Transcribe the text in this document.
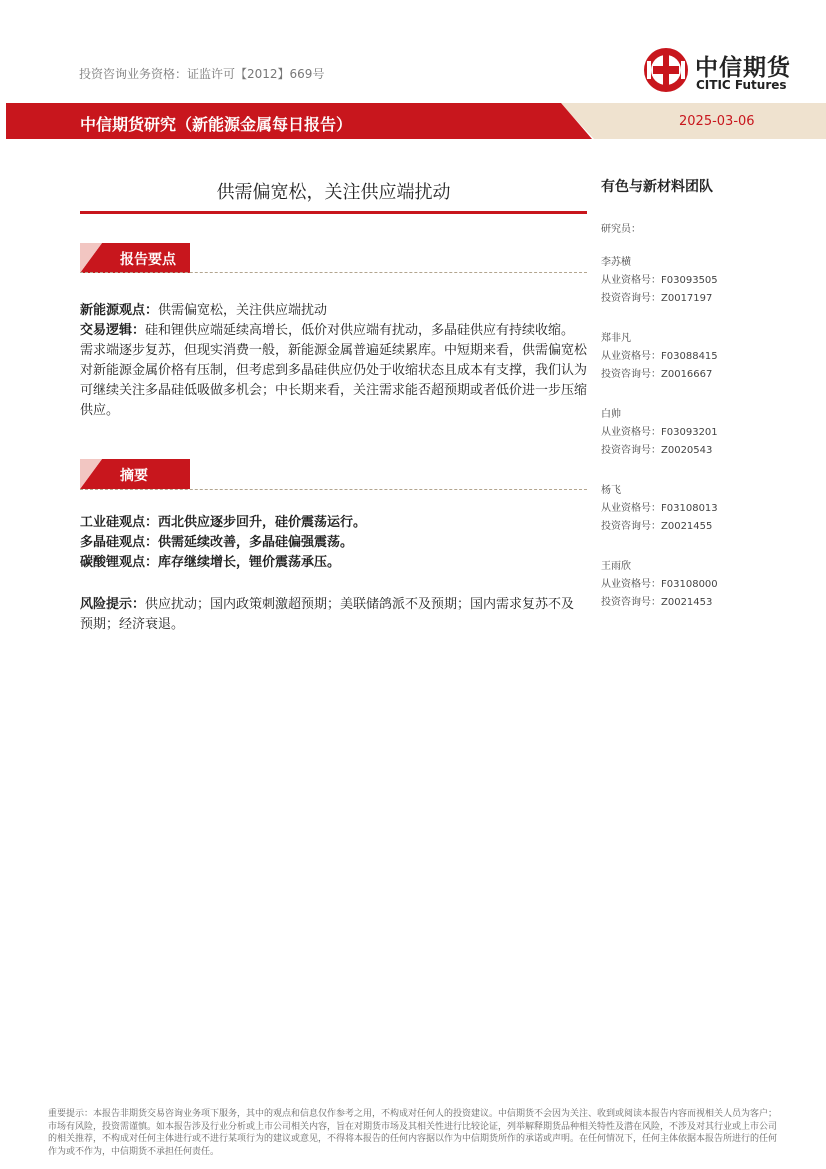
投资咨询业务资格：证监许可【2012】669号	中信期货
CITIC Futures
中信期货研究（新能源金属每日报告）	2025-03-06
供需偏宽松，关注供应端扰动
报告要点
新能源观点：供需偏宽松，关注供应端扰动
交易逻辑：硅和锂供应端延续高增长，低价对供应端有扰动，多晶硅供应有持续收缩。需求端逐步复苏，但现实消费一般，新能源金属普遍延续累库。中短期来看，供需偏宽松对新能源金属价格有压制，但考虑到多晶硅供应仍处于收缩状态且成本有支撑，我们认为可继续关注多晶硅低吸做多机会；中长期来看，关注需求能否超预期或者低价进一步压缩供应。
摘要
工业硅观点：西北供应逐步回升，硅价震荡运行。
多晶硅观点：供需延续改善，多晶硅偏强震荡。
碳酸锂观点：库存继续增长，锂价震荡承压。
风险提示：供应扰动；国内政策刺激超预期；美联储鸽派不及预期；国内需求复苏不及预期；经济衰退。
有色与新材料团队
研究员：
李苏横
从业资格号：F03093505
投资咨询号：Z0017197
郑非凡
从业资格号：F03088415
投资咨询号：Z0016667
白帅
从业资格号：F03093201
投资咨询号：Z0020543
杨飞
从业资格号：F03108013
投资咨询号：Z0021455
王雨欣
从业资格号：F03108000
投资咨询号：Z0021453
重要提示：本报告非期货交易咨询业务项下服务，其中的观点和信息仅作参考之用，不构成对任何人的投资建议。中信期货不会因为关注、收到或阅读本报告内容而视相关人员为客户；市场有风险，投资需谨慎。如本报告涉及行业分析或上市公司相关内容，旨在对期货市场及其相关性进行比较论证，列举解释期货品种相关特性及潜在风险，不涉及对其行业或上市公司的相关推荐，不构成对任何主体进行或不进行某项行为的建议或意见，不得将本报告的任何内容据以作为中信期货所作的承诺或声明。在任何情况下，任何主体依据本报告所进行的任何作为或不作为，中信期货不承担任何责任。
